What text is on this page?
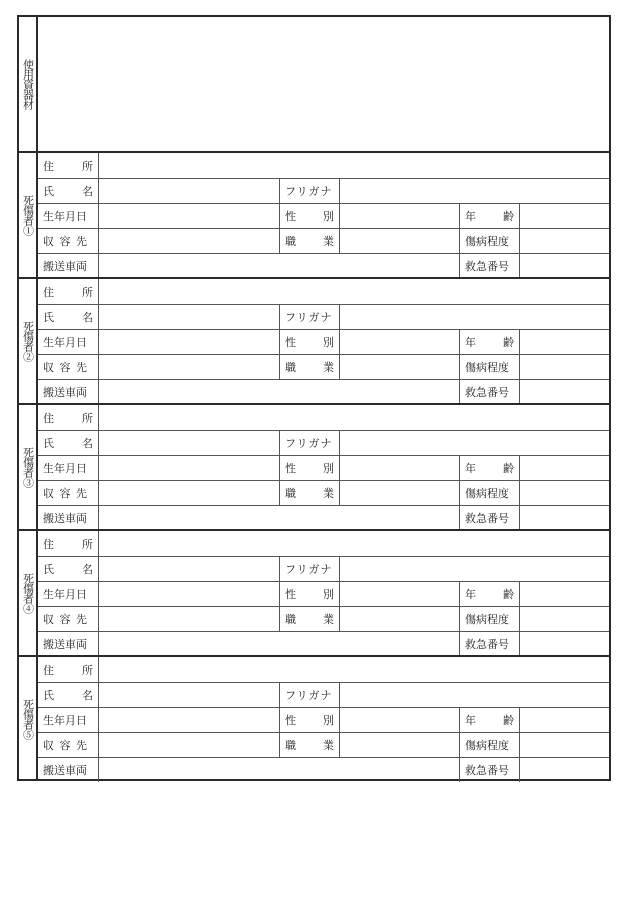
使用資器材
死傷者①
住	所
氏	名	フリガナ
生年月日	性 別	年 齢
収 容 先	職 業	傷病程度
搬送車両	救急番号
死傷者②
住	所
氏	名	フリガナ
生年月日	性 別	年 齢
収 容 先	職 業	傷病程度
搬送車両	救急番号
死傷者③
住	所
氏	名	フリガナ
生年月日	性 別	年 齢
収 容 先	職 業	傷病程度
搬送車両	救急番号
死傷者④
住	所
氏	名	フリガナ
生年月日	性 別	年 齢
収 容 先	職 業	傷病程度
搬送車両	救急番号
死傷者⑤
住	所
氏	名	フリガナ
生年月日	性 別	年 齢
収 容 先	職 業	傷病程度
搬送車両	救急番号
